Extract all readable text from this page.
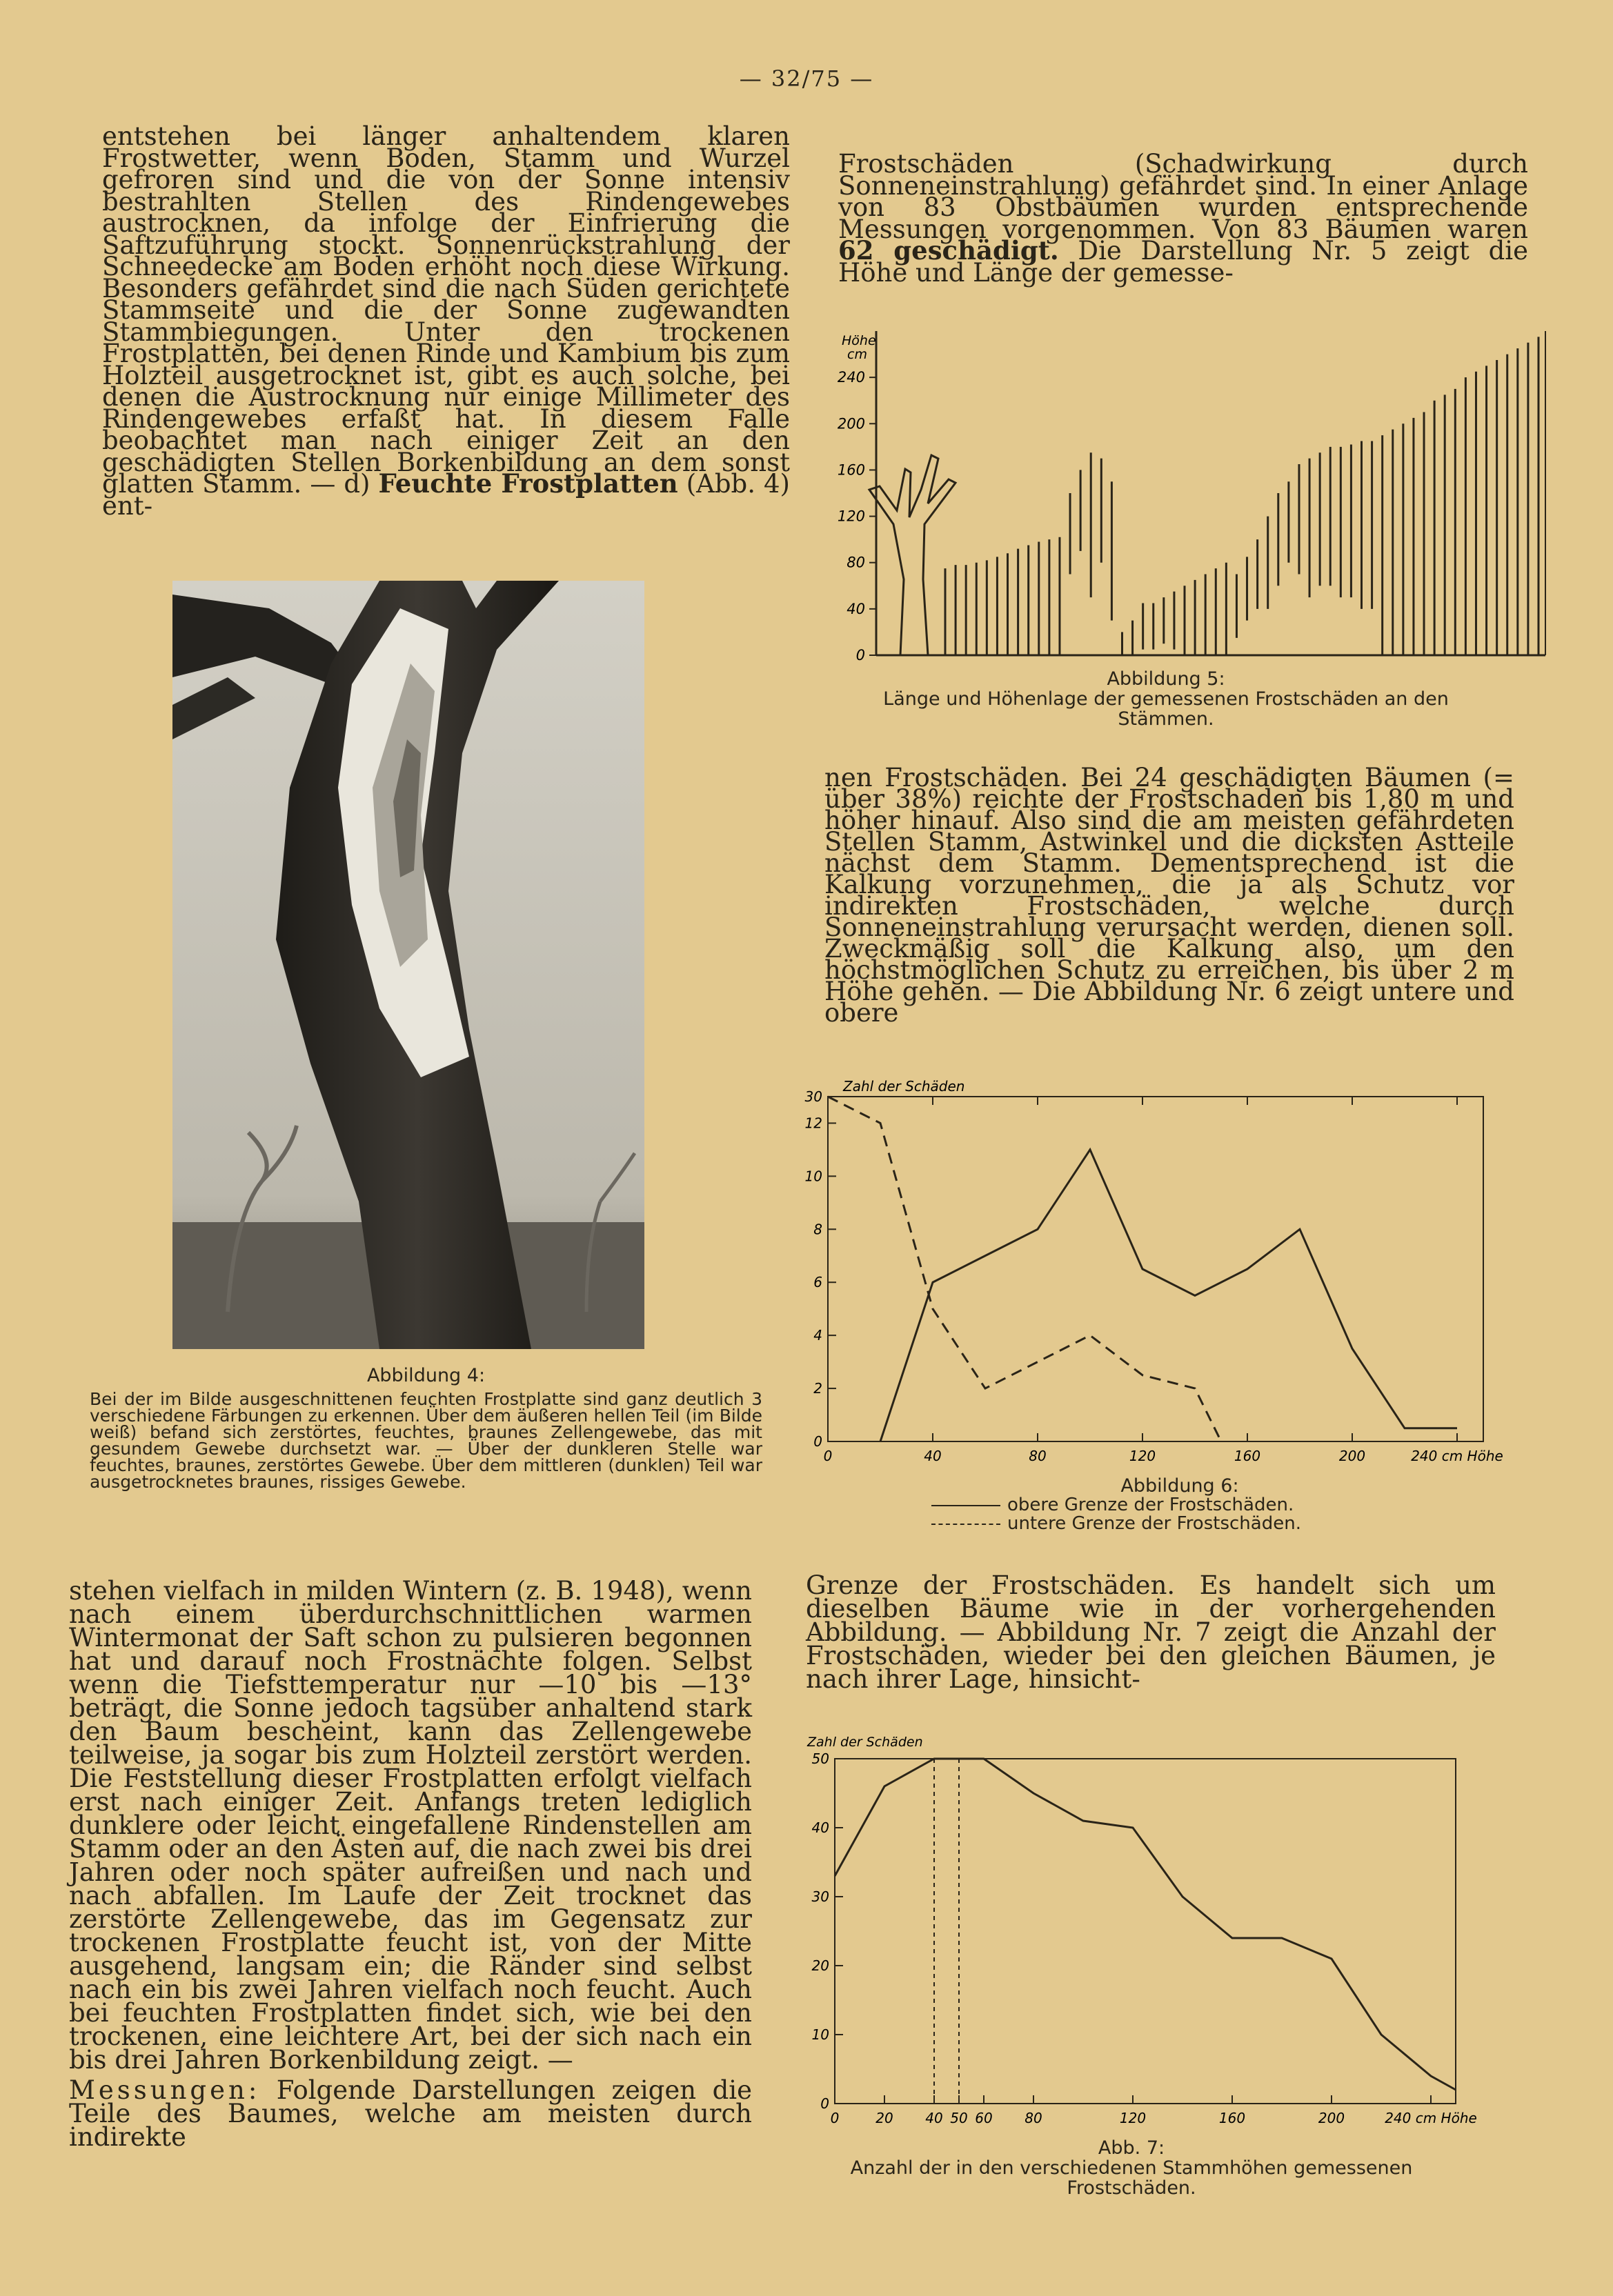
— 32/75 —

entstehen bei länger anhaltendem klaren Frostwetter, wenn Boden, Stamm und Wurzel gefroren sind und die von der Sonne intensiv bestrahlten Stellen des Rindengewebes austrocknen, da infolge der Einfrierung die Saftzuführung stockt. Sonnenrückstrahlung der Schneedecke am Boden erhöht noch diese Wirkung. Besonders gefährdet sind die nach Süden gerichtete Stammseite und die der Sonne zugewandten Stammbiegungen. Unter den trockenen Frostplatten, bei denen Rinde und Kambium bis zum Holzteil ausgetrocknet ist, gibt es auch solche, bei denen die Austrocknung nur einige Millimeter des Rindengewebes erfaßt hat. In diesem Falle beobachtet man nach einiger Zeit an den geschädigten Stellen Borkenbildung an dem sonst glatten Stamm. — d) Feuchte Frostplatten (Abb. 4) ent-

Abbildung 4:

Bei der im Bilde ausgeschnittenen feuchten Frostplatte sind ganz deutlich 3 verschiedene Färbungen zu erkennen. Über dem äußeren hellen Teil (im Bilde weiß) befand sich zerstörtes, feuchtes, braunes Zellengewebe, das mit gesundem Gewebe durchsetzt war. — Über der dunkleren Stelle war feuchtes, braunes, zerstörtes Gewebe. Über dem mittleren (dunklen) Teil war ausgetrocknetes braunes, rissiges Gewebe.

stehen vielfach in milden Wintern (z. B. 1948), wenn nach einem überdurchschnittlichen warmen Wintermonat der Saft schon zu pulsieren begonnen hat und darauf noch Frostnächte folgen. Selbst wenn die Tiefsttemperatur nur —10 bis —13° beträgt, die Sonne jedoch tagsüber anhaltend stark den Baum bescheint, kann das Zellengewebe teilweise, ja sogar bis zum Holzteil zerstört werden. Die Feststellung dieser Frostplatten erfolgt vielfach erst nach einiger Zeit. Anfangs treten lediglich dunklere oder leicht eingefallene Rindenstellen am Stamm oder an den Ästen auf, die nach zwei bis drei Jahren oder noch später aufreißen und nach und nach abfallen. Im Laufe der Zeit trocknet das zerstörte Zellengewebe, das im Gegensatz zur trockenen Frostplatte feucht ist, von der Mitte ausgehend, langsam ein; die Ränder sind selbst nach ein bis zwei Jahren vielfach noch feucht. Auch bei feuchten Frostplatten findet sich, wie bei den trockenen, eine leichtere Art, bei der sich nach ein bis drei Jahren Borkenbildung zeigt. —

Messungen: Folgende Darstellungen zeigen die Teile des Baumes, welche am meisten durch indirekte

Frostschäden (Schadwirkung durch Sonneneinstrahlung) gefährdet sind. In einer Anlage von 83 Obstbäumen wurden entsprechende Messungen vorgenommen. Von 83 Bäumen waren 62 geschädigt. Die Darstellung Nr. 5 zeigt die Höhe und Länge der gemesse-

Höhe
cm
0
40
80
120
160
200
240

Abbildung 5:

Länge und Höhenlage der gemessenen Frostschäden an den Stämmen.

nen Frostschäden. Bei 24 geschädigten Bäumen (= über 38%) reichte der Frostschaden bis 1,80 m und höher hinauf. Also sind die am meisten gefährdeten Stellen Stamm, Astwinkel und die dicksten Astteile nächst dem Stamm. Dementsprechend ist die Kalkung vorzunehmen, die ja als Schutz vor indirekten Frostschäden, welche durch Sonneneinstrahlung verursacht werden, dienen soll. Zweckmäßig soll die Kalkung also, um den höchstmöglichen Schutz zu erreichen, bis über 2 m Höhe gehen. — Die Abbildung Nr. 6 zeigt untere und obere

Zahl der Schäden
0
2
4
6
8
10
12
30
0	40	80	120	160	200	240 cm Höhe

Abbildung 6:

obere Grenze der Frostschäden.
untere Grenze der Frostschäden.

Grenze der Frostschäden. Es handelt sich um dieselben Bäume wie in der vorhergehenden Abbildung. — Abbildung Nr. 7 zeigt die Anzahl der Frostschäden, wieder bei den gleichen Bäumen, je nach ihrer Lage, hinsicht-

Zahl der Schäden
0
10
20
30
40
50
0	20 40 50 60 80	120	160	200	240 cm Höhe

Abb. 7:

Anzahl der in den verschiedenen Stammhöhen gemessenen Frostschäden.
